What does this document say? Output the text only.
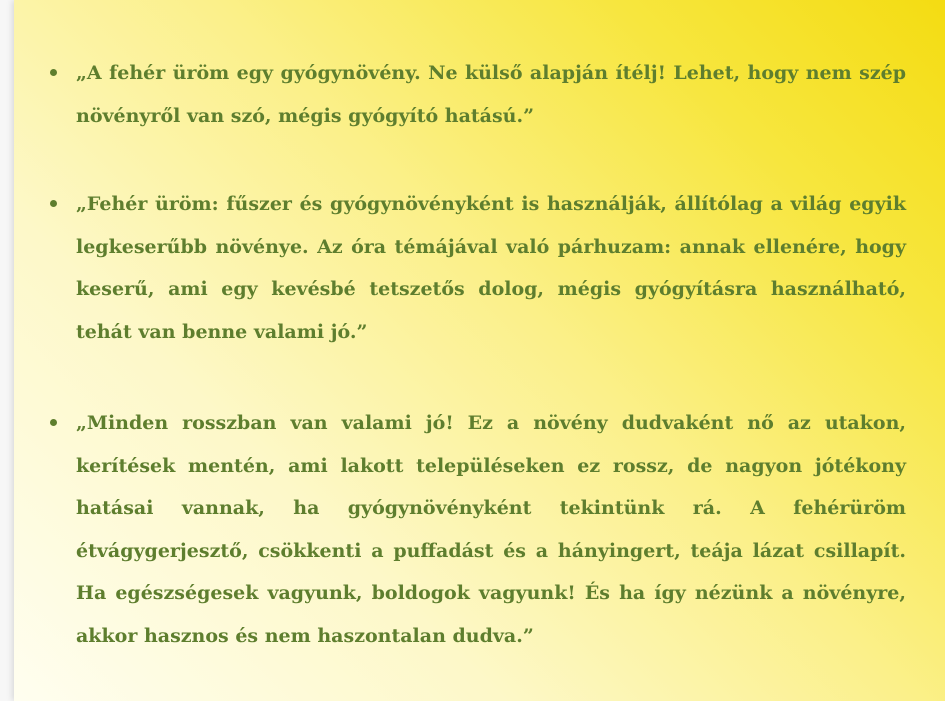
„A fehér üröm egy gyógynövény. Ne külső alapján ítélj! Lehet, hogy nem szép növényről van szó, mégis gyógyító hatású.”
„Fehér üröm: fűszer és gyógynövényként is használják, állítólag a világ egyik legkeserűbb növénye. Az óra témájával való párhuzam: annak ellenére, hogy keserű, ami egy kevésbé tetszetős dolog, mégis gyógyításra használható, tehát van benne valami jó.”
„Minden rosszban van valami jó! Ez a növény dudvaként nő az utakon, kerítések mentén, ami lakott településeken ez rossz, de nagyon jótékony hatásai vannak, ha gyógynövényként tekintünk rá. A fehérüröm étvágygerjesztő, csökkenti a puffadást és a hányingert, teája lázat csillapít. Ha egészségesek vagyunk, boldogok vagyunk! És ha így nézünk a növényre, akkor hasznos és nem haszontalan dudva.”
